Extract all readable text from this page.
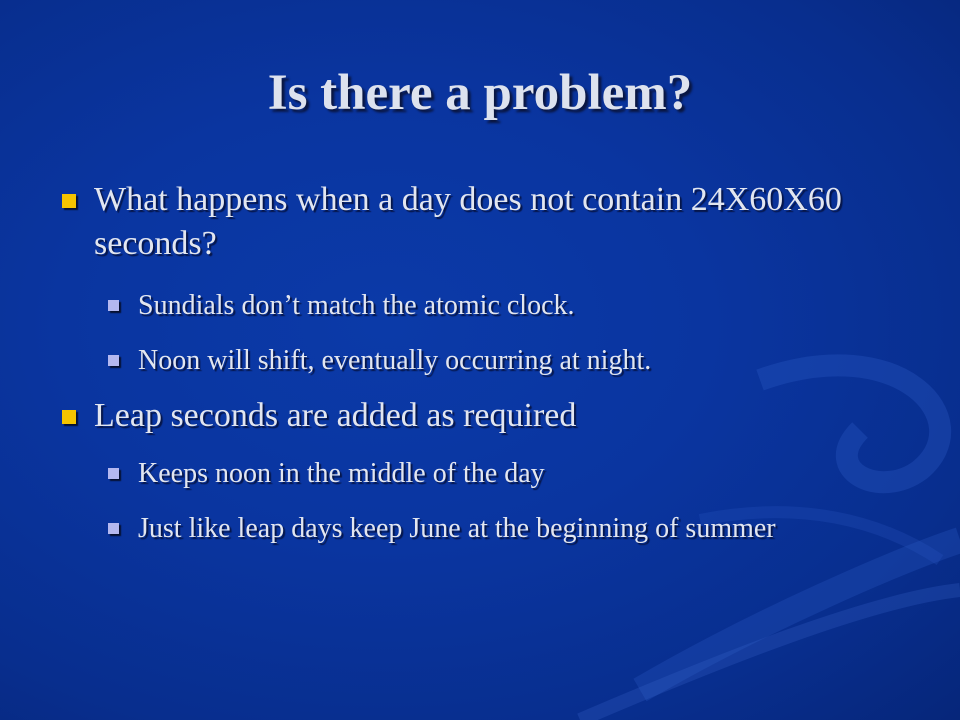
Is there a problem?
What happens when a day does not contain 24X60X60 seconds?
Sundials don’t match the atomic clock.
Noon will shift, eventually occurring at night.
Leap seconds are added as required
Keeps noon in the middle of the day
Just like leap days keep June at the beginning of summer
